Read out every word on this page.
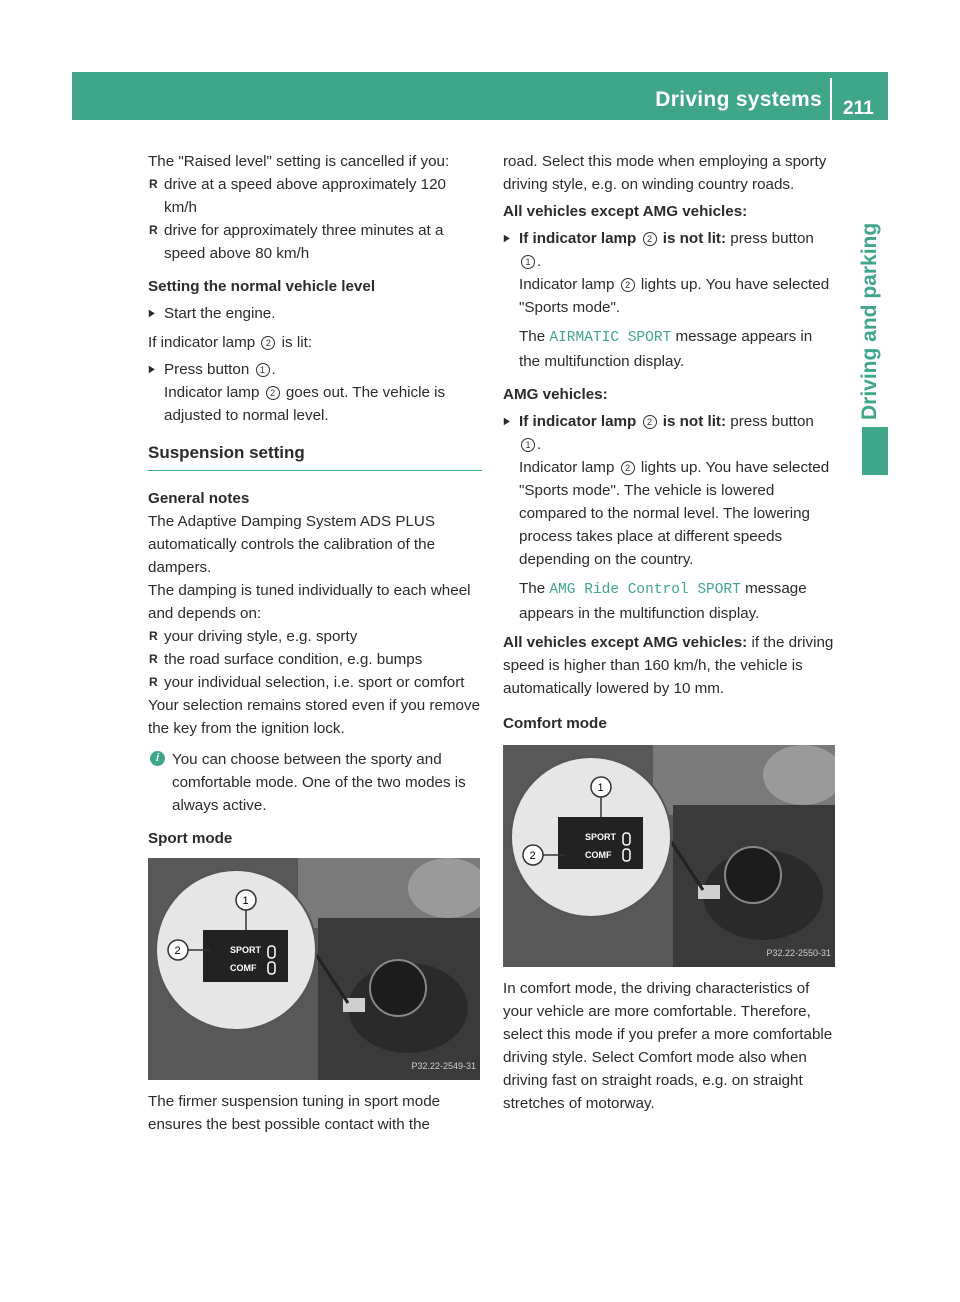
Driving systems 211
Driving and parking

The "Raised level" setting is cancelled if you:

R drive at a speed above approximately 120 km/h

R drive for approximately three minutes at a speed above 80 km/h

Setting the normal vehicle level

▶ Start the engine.

If indicator lamp 2 is lit:

▶ Press button 1 .

Indicator lamp 2 goes out. The vehicle is adjusted to normal level.

Suspension setting

General notes

The Adaptive Damping System ADS PLUS automatically controls the calibration of the dampers.

The damping is tuned individually to each wheel and depends on:

R your driving style, e.g. sporty

R the road surface condition, e.g. bumps

R your individual selection, i.e. sport or comfort

Your selection remains stored even if you remove the key from the ignition lock.

i You can choose between the sporty and comfortable mode. One of the two modes is always active.

Sport mode

SPORT
COMF
1
2
P32.22-2549-31

The firmer suspension tuning in sport mode ensures the best possible contact with the

road. Select this mode when employing a sporty driving style, e.g. on winding country roads.

All vehicles except AMG vehicles:

▶ If indicator lamp 2 is not lit: press button 1 .

Indicator lamp 2 lights up. You have selected "Sports mode".

The AIRMATIC SPORT message appears in the multifunction display.

AMG vehicles:

▶ If indicator lamp 2 is not lit: press button 1 .

Indicator lamp 2 lights up. You have selected "Sports mode". The vehicle is lowered compared to the normal level. The lowering process takes place at different speeds depending on the country.

The AMG Ride Control SPORT message appears in the multifunction display.

All vehicles except AMG vehicles: if the driving speed is higher than 160 km/h, the vehicle is automatically lowered by 10 mm.

Comfort mode

SPORT
COMF
1
2
P32.22-2550-31

In comfort mode, the driving characteristics of your vehicle are more comfortable. Therefore, select this mode if you prefer a more comfortable driving style. Select Comfort mode also when driving fast on straight roads, e.g. on straight stretches of motorway.
